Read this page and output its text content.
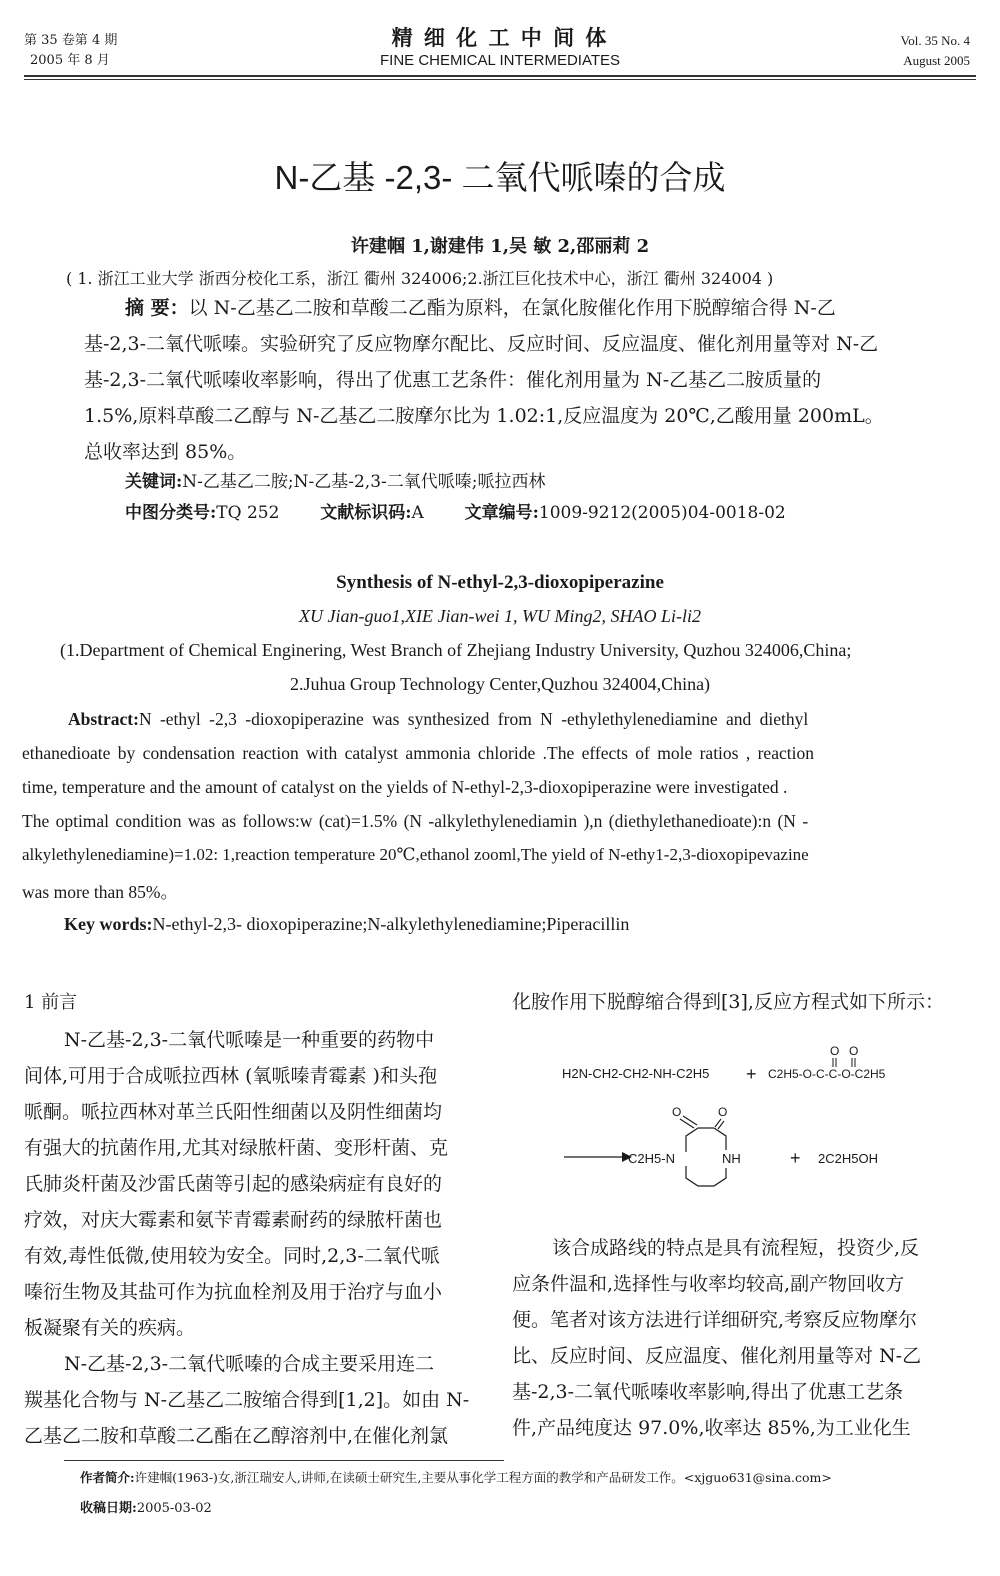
第 35 卷第 4 期
2005 年 8 月
精 细 化 工 中 间 体
FINE CHEMICAL INTERMEDIATES
Vol. 35 No. 4
August 2005
N-乙基 -2,3- 二氧代哌嗪的合成
许建帼 1,谢建伟 1,吴 敏 2,邵丽莉 2
( 1. 浙江工业大学 浙西分校化工系，浙江 衢州 324006;2.浙江巨化技术中心，浙江 衢州 324004 )
摘 要：以 N-乙基乙二胺和草酸二乙酯为原料，在氯化胺催化作用下脱醇缩合得 N-乙
基-2,3-二氧代哌嗪。实验研究了反应物摩尔配比、反应时间、反应温度、催化剂用量等对 N-乙
基-2,3-二氧代哌嗪收率影响，得出了优惠工艺条件：催化剂用量为 N-乙基乙二胺质量的
1.5%,原料草酸二乙醇与 N-乙基乙二胺摩尔比为 1.02:1,反应温度为 20℃,乙酸用量 200mL。
总收率达到 85%。
关键词:N-乙基乙二胺;N-乙基-2,3-二氧代哌嗪;哌拉西林
中图分类号:TQ 252 文献标识码:A 文章编号:1009-9212(2005)04-0018-02
Synthesis of N-ethyl-2,3-dioxopiperazine
XU Jian-guo1,XIE Jian-wei 1, WU Ming2, SHAO Li-li2
(1.Department of Chemical Enginering, West Branch of Zhejiang Industry University, Quzhou 324006,China;
2.Juhua Group Technology Center,Quzhou 324004,China)
Abstract:N -ethyl -2,3 -dioxopiperazine was synthesized from N -ethylethylenediamine and diethyl
ethanedioate by condensation reaction with catalyst ammonia chloride .The effects of mole ratios , reaction
time, temperature and the amount of catalyst on the yields of N-ethyl-2,3-dioxopiperazine were investigated .
The optimal condition was as follows:w (cat)=1.5% (N -alkylethylenediamin ),n (diethylethanedioate):n (N -
alkylethylenediamine)=1.02: 1,reaction temperature 20℃,ethanol zooml,The yield of N-ethy1-2,3-dioxopipevazine
was more than 85%。
Key words:N-ethyl-2,3- dioxopiperazine;N-alkylethylenediamine;Piperacillin
1 前言
N-乙基-2,3-二氧代哌嗪是一种重要的药物中
间体,可用于合成哌拉西林 (氧哌嗪青霉素 )和头孢
哌酮。哌拉西林对革兰氏阳性细菌以及阴性细菌均
有强大的抗菌作用,尤其对绿脓杆菌、变形杆菌、克
氏肺炎杆菌及沙雷氏菌等引起的感染病症有良好的
疗效，对庆大霉素和氨苄青霉素耐药的绿脓杆菌也
有效,毒性低微,使用较为安全。同时,2,3-二氧代哌
嗪衍生物及其盐可作为抗血栓剂及用于治疗与血小
板凝聚有关的疾病。
N-乙基-2,3-二氧代哌嗪的合成主要采用连二
羰基化合物与 N-乙基乙二胺缩合得到[1,2]。如由 N-
乙基乙二胺和草酸二乙酯在乙醇溶剂中,在催化剂氯
化胺作用下脱醇缩合得到[3],反应方程式如下所示：
H2N-CH2-CH2-NH-C2H5 + C2H5-O-C-C-O-C2H5
O O
C2H5-N	NH
O	O
+ 2C2H5OH
该合成路线的特点是具有流程短，投资少,反
应条件温和,选择性与收率均较高,副产物回收方
便。笔者对该方法进行详细研究,考察反应物摩尔
比、反应时间、反应温度、催化剂用量等对 N-乙
基-2,3-二氧代哌嗪收率影响,得出了优惠工艺条
件,产品纯度达 97.0%,收率达 85%,为工业化生
作者简介:许建帼(1963-)女,浙江瑞安人,讲师,在读硕士研究生,主要从事化学工程方面的教学和产品研发工作。<xjguo631@sina.com>
收稿日期:2005-03-02
